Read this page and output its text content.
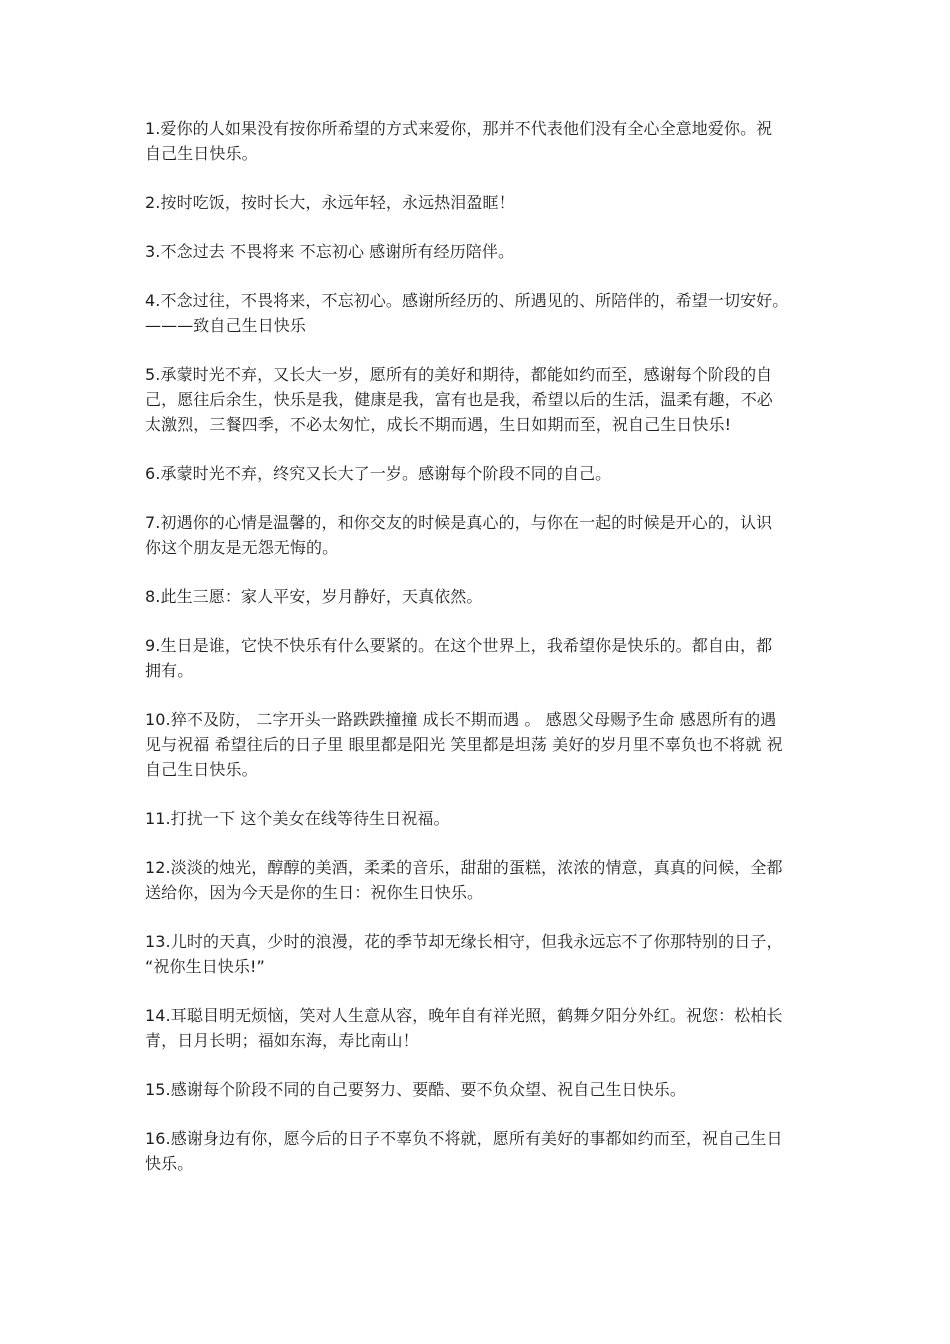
1.爱你的人如果没有按你所希望的方式来爱你，那并不代表他们没有全心全意地爱你。祝
自己生日快乐。

2.按时吃饭，按时长大，永远年轻，永远热泪盈眶！

3.不念过去 不畏将来 不忘初心 感谢所有经历陪伴。

4.不念过往，不畏将来，不忘初心。感谢所经历的、所遇见的、所陪伴的，希望一切安好。
———致自己生日快乐

5.承蒙时光不弃，又长大一岁，愿所有的美好和期待，都能如约而至，感谢每个阶段的自
己，愿往后余生，快乐是我，健康是我，富有也是我，希望以后的生活，温柔有趣，不必
太激烈，三餐四季，不必太匆忙，成长不期而遇，生日如期而至，祝自己生日快乐!

6.承蒙时光不弃，终究又长大了一岁。感谢每个阶段不同的自己。

7.初遇你的心情是温馨的，和你交友的时候是真心的，与你在一起的时候是开心的，认识
你这个朋友是无怨无悔的。

8.此生三愿：家人平安，岁月静好，天真依然。

9.生日是谁，它快不快乐有什么要紧的。在这个世界上，我希望你是快乐的。都自由，都
拥有。

10.猝不及防， 二字开头一路跌跌撞撞 成长不期而遇 。 感恩父母赐予生命 感恩所有的遇
见与祝福 希望往后的日子里 眼里都是阳光 笑里都是坦荡 美好的岁月里不辜负也不将就 祝
自己生日快乐。

11.打扰一下 这个美女在线等待生日祝福。

12.淡淡的烛光，醇醇的美酒，柔柔的音乐，甜甜的蛋糕，浓浓的情意，真真的问候，全都
送给你，因为今天是你的生日：祝你生日快乐。

13.儿时的天真，少时的浪漫，花的季节却无缘长相守，但我永远忘不了你那特别的日子，
“祝你生日快乐!”

14.耳聪目明无烦恼，笑对人生意从容，晚年自有祥光照，鹤舞夕阳分外红。祝您：松柏长
青，日月长明；福如东海，寿比南山！

15.感谢每个阶段不同的自己要努力、要酷、要不负众望、祝自己生日快乐。

16.感谢身边有你，愿今后的日子不辜负不将就，愿所有美好的事都如约而至，祝自己生日
快乐。
